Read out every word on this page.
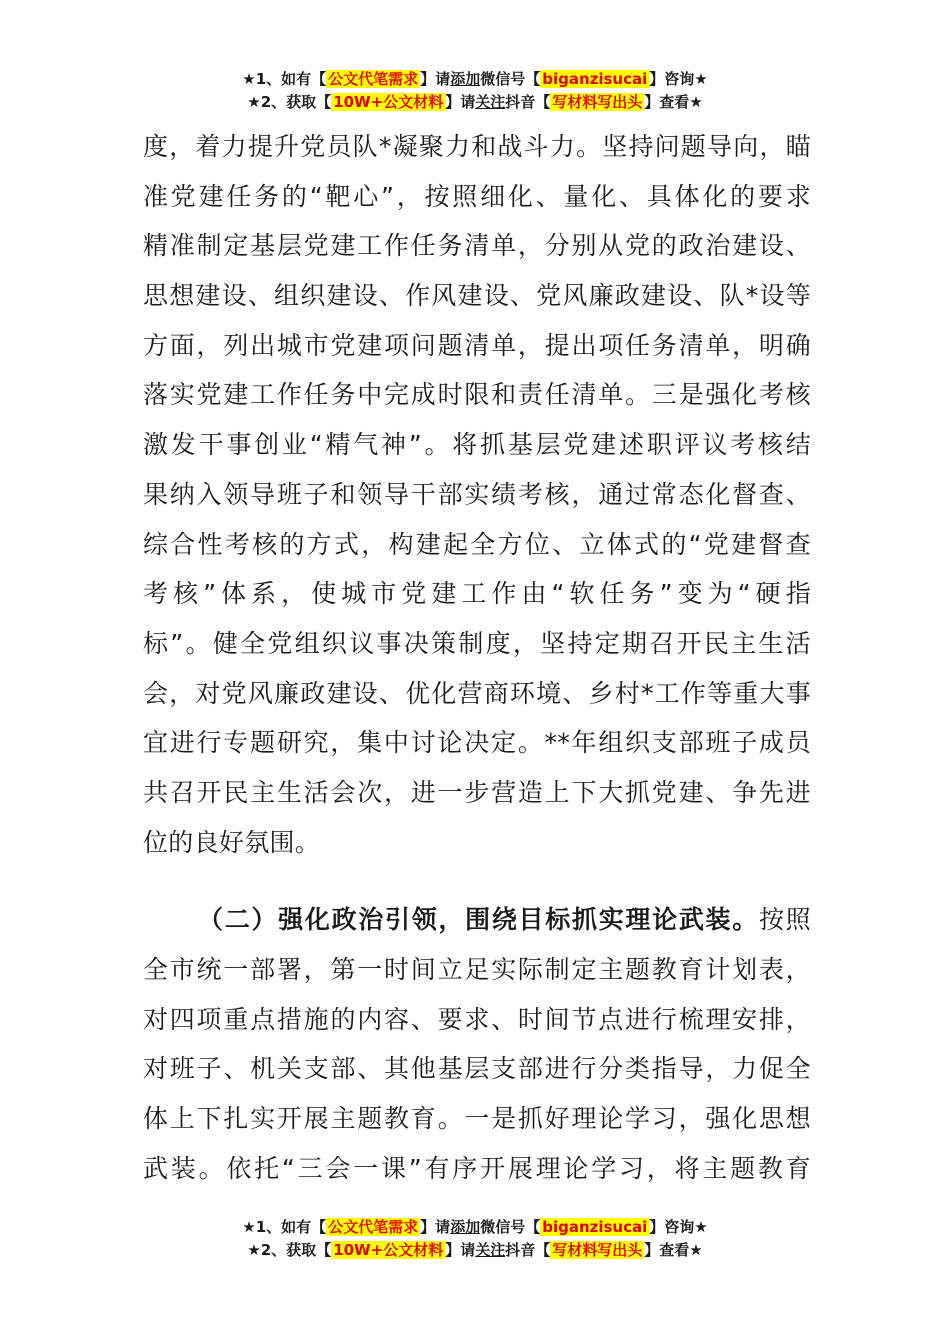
★1、如有【 公文代笔需求 】请添加微信号【 biganzisucai 】咨询★
★2、获取【 10W+公文材料 】请关注抖音【 写材料写出头 】查看★
度，着力提升党员队*凝聚力和战斗力。坚持问题导向，瞄
准党建任务的“靶心”，按照细化、量化、具体化的要求
精准制定基层党建工作任务清单，分别从党的政治建设、
思想建设、组织建设、作风建设、党风廉政建设、队*设等
方面，列出城市党建项问题清单，提出项任务清单，明确
落实党建工作任务中完成时限和责任清单。三是强化考核
激发干事创业“精气神”。将抓基层党建述职评议考核结
果纳入领导班子和领导干部实绩考核，通过常态化督查、
综合性考核的方式，构建起全方位、立体式的“党建督查
考核”体系，使城市党建工作由“软任务”变为“硬指
标”。健全党组织议事决策制度，坚持定期召开民主生活
会，对党风廉政建设、优化营商环境、乡村*工作等重大事
宜进行专题研究，集中讨论决定。**年组织支部班子成员
共召开民主生活会次，进一步营造上下大抓党建、争先进
位的良好氛围。
（二）强化政治引领，围绕目标抓实理论武装。按照
全市统一部署，第一时间立足实际制定主题教育计划表，
对四项重点措施的内容、要求、时间节点进行梳理安排，
对班子、机关支部、其他基层支部进行分类指导，力促全
体上下扎实开展主题教育。一是抓好理论学习，强化思想
武装。依托“三会一课”有序开展理论学习，将主题教育
★1、如有【 公文代笔需求 】请添加微信号【 biganzisucai 】咨询★
★2、获取【 10W+公文材料 】请关注抖音【 写材料写出头 】查看★
